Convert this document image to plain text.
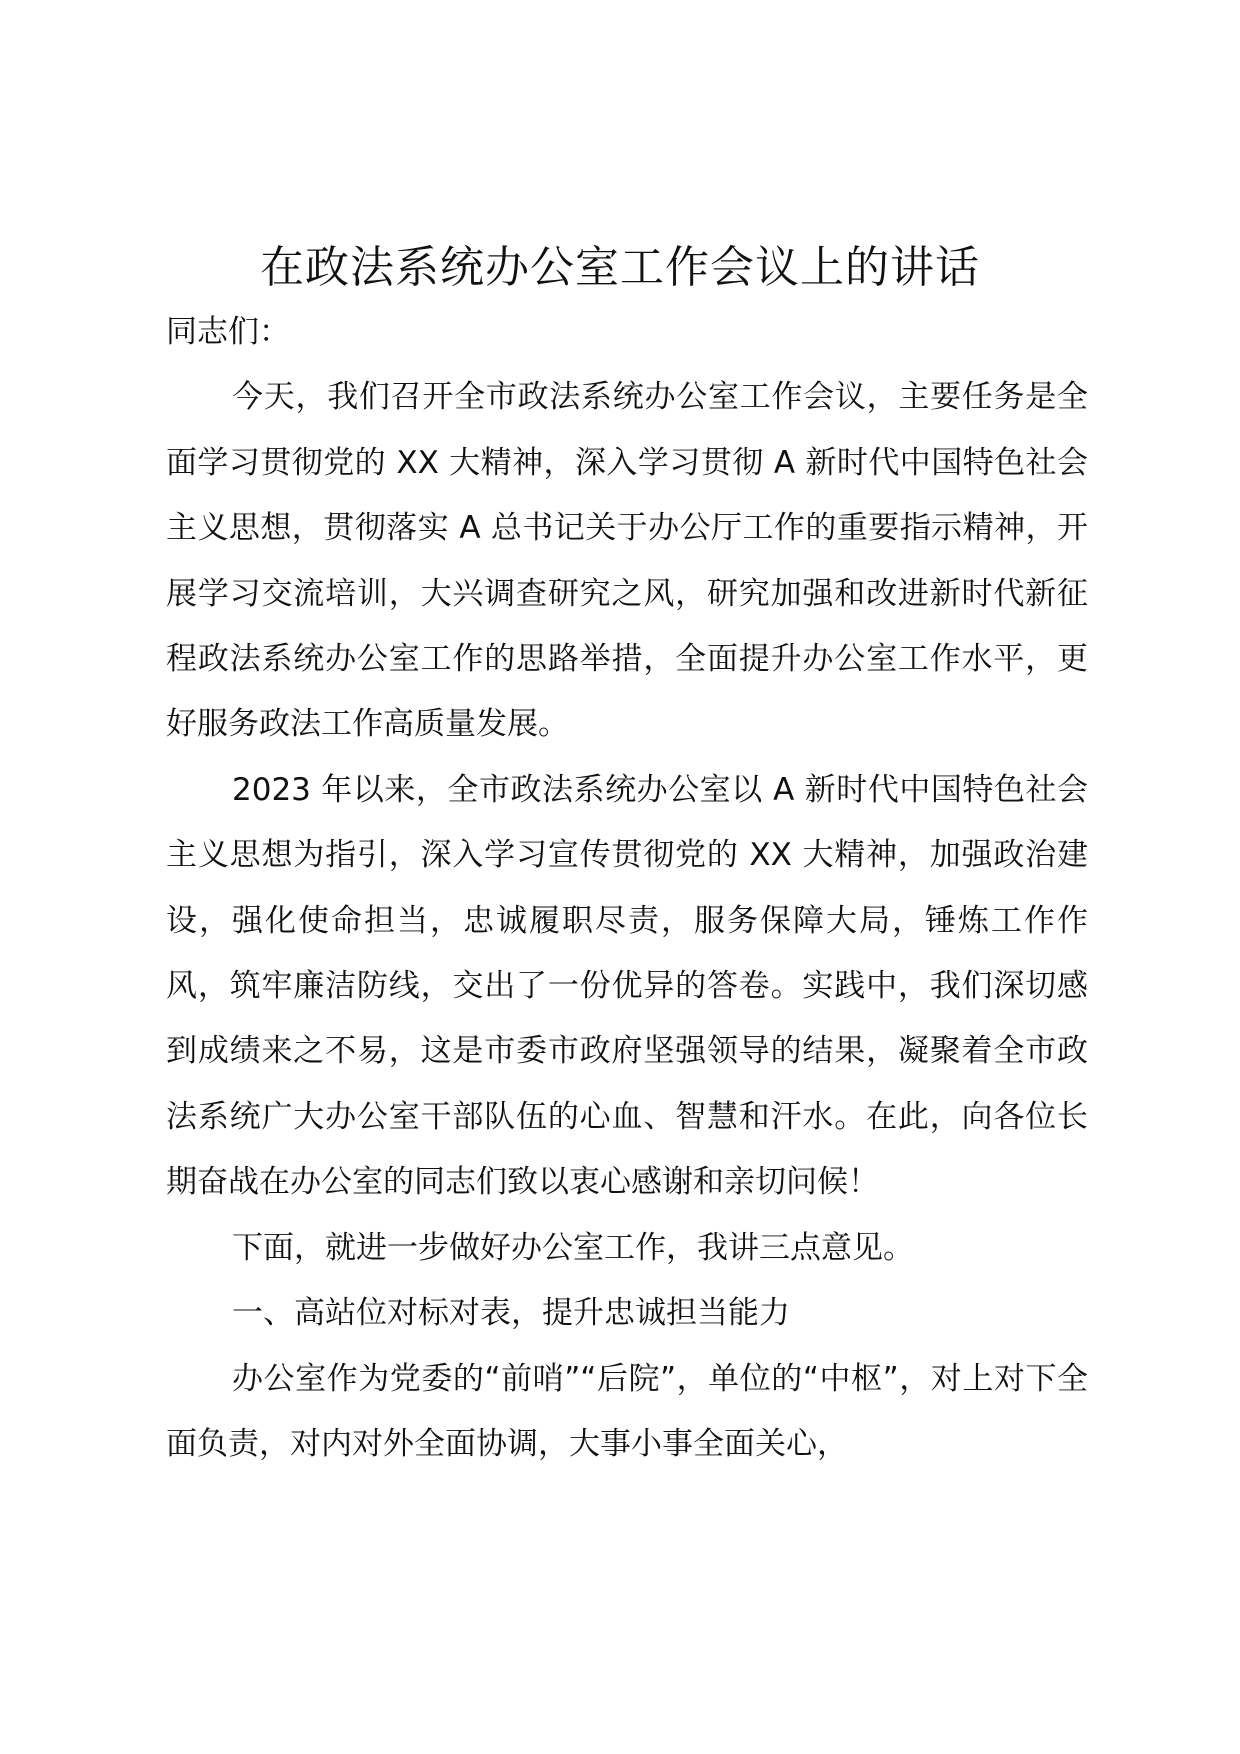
在政法系统办公室工作会议上的讲话

同志们：

今天，我们召开全市政法系统办公室工作会议，主要任务是全面学习贯彻党的 XX 大精神，深入学习贯彻 A 新时代中国特色社会主义思想，贯彻落实 A 总书记关于办公厅工作的重要指示精神，开展学习交流培训，大兴调查研究之风，研究加强和改进新时代新征程政法系统办公室工作的思路举措，全面提升办公室工作水平，更好服务政法工作高质量发展。

2023 年以来，全市政法系统办公室以 A 新时代中国特色社会主义思想为指引，深入学习宣传贯彻党的 XX 大精神，加强政治建设，强化使命担当，忠诚履职尽责，服务保障大局，锤炼工作作风，筑牢廉洁防线，交出了一份优异的答卷。实践中，我们深切感到成绩来之不易，这是市委市政府坚强领导的结果，凝聚着全市政法系统广大办公室干部队伍的心血、智慧和汗水。在此，向各位长期奋战在办公室的同志们致以衷心感谢和亲切问候！

下面，就进一步做好办公室工作，我讲三点意见。

一、高站位对标对表，提升忠诚担当能力

办公室作为党委的“前哨”“后院”，单位的“中枢”，对上对下全面负责，对内对外全面协调，大事小事全面关心，
